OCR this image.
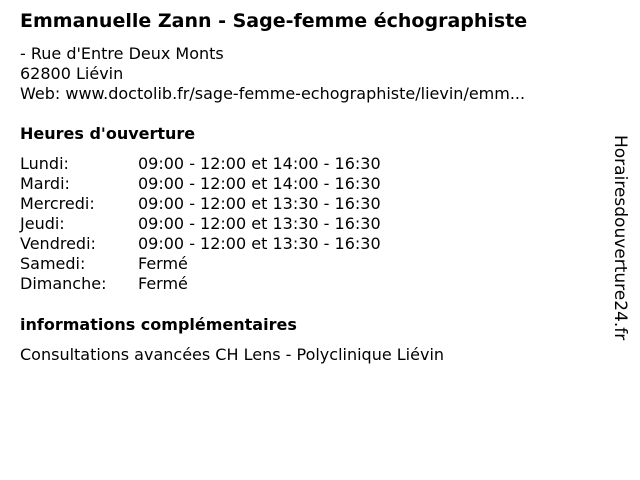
Emmanuelle Zann - Sage-femme échographiste
- Rue d'Entre Deux Monts
62800 Liévin
Web: www.doctolib.fr/sage-femme-echographiste/lievin/emm...
Heures d'ouverture
Lundi:	09:00 - 12:00 et 14:00 - 16:30
Mardi:	09:00 - 12:00 et 14:00 - 16:30
Mercredi:	09:00 - 12:00 et 13:30 - 16:30
Jeudi:	09:00 - 12:00 et 13:30 - 16:30
Vendredi:	09:00 - 12:00 et 13:30 - 16:30
Samedi:	Fermé
Dimanche:	Fermé
informations complémentaires
Consultations avancées CH Lens - Polyclinique Liévin
Horairesdouverture24.fr
